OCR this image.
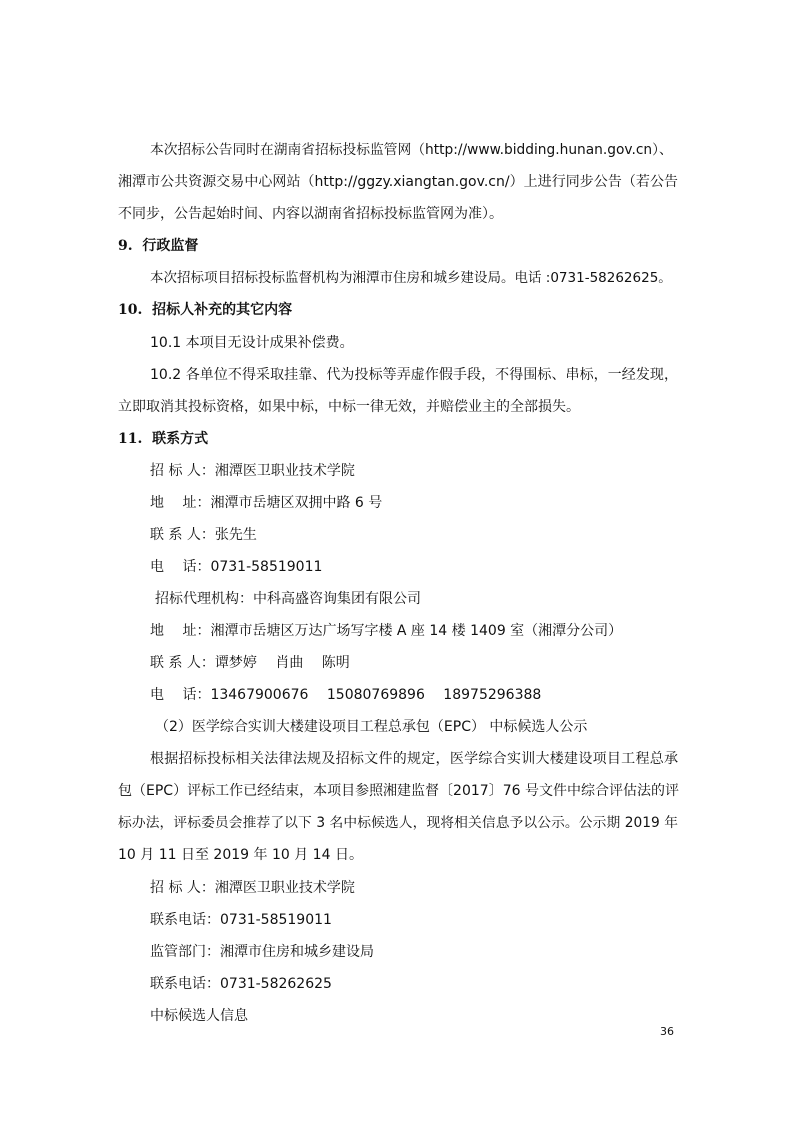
本次招标公告同时在湖南省招标投标监管网（http://www.bidding.hunan.gov.cn）、
湘潭市公共资源交易中心网站（http://ggzy.xiangtan.gov.cn/）上进行同步公告（若公告
不同步，公告起始时间、内容以湖南省招标投标监管网为准）。
9.  行政监督
本次招标项目招标投标监督机构为湘潭市住房和城乡建设局。电话 :0731-58262625。
10.  招标人补充的其它内容
10.1 本项目无设计成果补偿费。
10.2 各单位不得采取挂靠、代为投标等弄虚作假手段，不得围标、串标，一经发现，
立即取消其投标资格，如果中标，中标一律无效，并赔偿业主的全部损失。
11.  联系方式
招 标 人：湘潭医卫职业技术学院
地　 址：湘潭市岳塘区双拥中路 6 号
联 系 人：张先生
电　 话：0731-58519011
招标代理机构：中科高盛咨询集团有限公司
地　 址：湘潭市岳塘区万达广场写字楼 A 座 14 楼 1409 室（湘潭分公司）
联 系 人：谭梦婷　 肖曲　 陈明
电　 话：13467900676　 15080769896　 18975296388
（2）医学综合实训大楼建设项目工程总承包（EPC） 中标候选人公示
根据招标投标相关法律法规及招标文件的规定，医学综合实训大楼建设项目工程总承
包（EPC）评标工作已经结束，本项目参照湘建监督〔2017〕76 号文件中综合评估法的评
标办法，评标委员会推荐了以下 3 名中标候选人，现将相关信息予以公示。公示期 2019 年
10 月 11 日至 2019 年 10 月 14 日。
招 标 人：湘潭医卫职业技术学院
联系电话：0731-58519011
监管部门：湘潭市住房和城乡建设局
联系电话：0731-58262625
中标候选人信息
36
